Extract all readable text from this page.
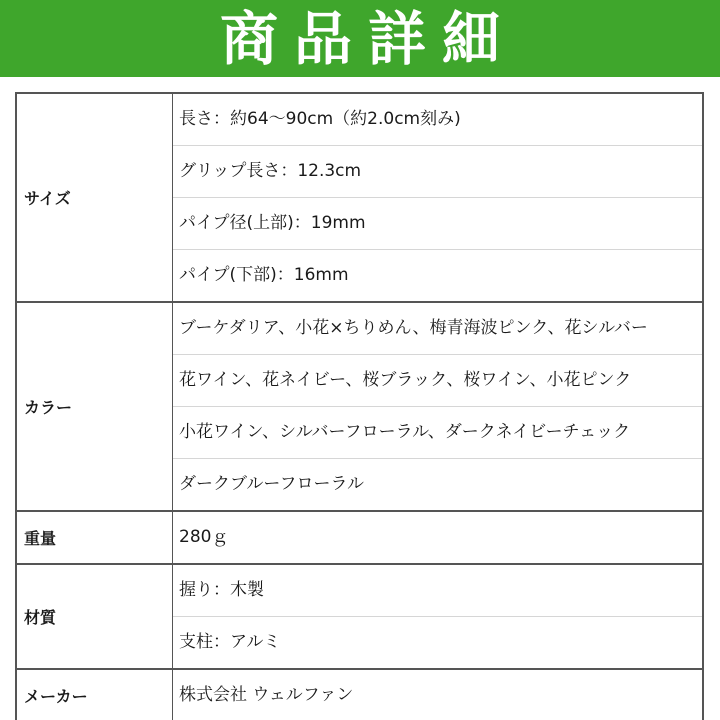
商品詳細
サイズ	長さ：約64～90cm（約2.0cm刻み)
グリップ長さ：12.3cm
パイプ径(上部)：19mm
パイプ(下部)：16mm

カラー	ブーケダリア、小花×ちりめん、梅青海波ピンク、花シルバー
花ワイン、花ネイビー、桜ブラック、桜ワイン、小花ピンク
小花ワイン、シルバーフローラル、ダークネイビーチェック
ダークブルーフローラル

重量	280ｇ

材質	握り：木製
支柱：アルミ

メーカー	株式会社 ウェルファン
